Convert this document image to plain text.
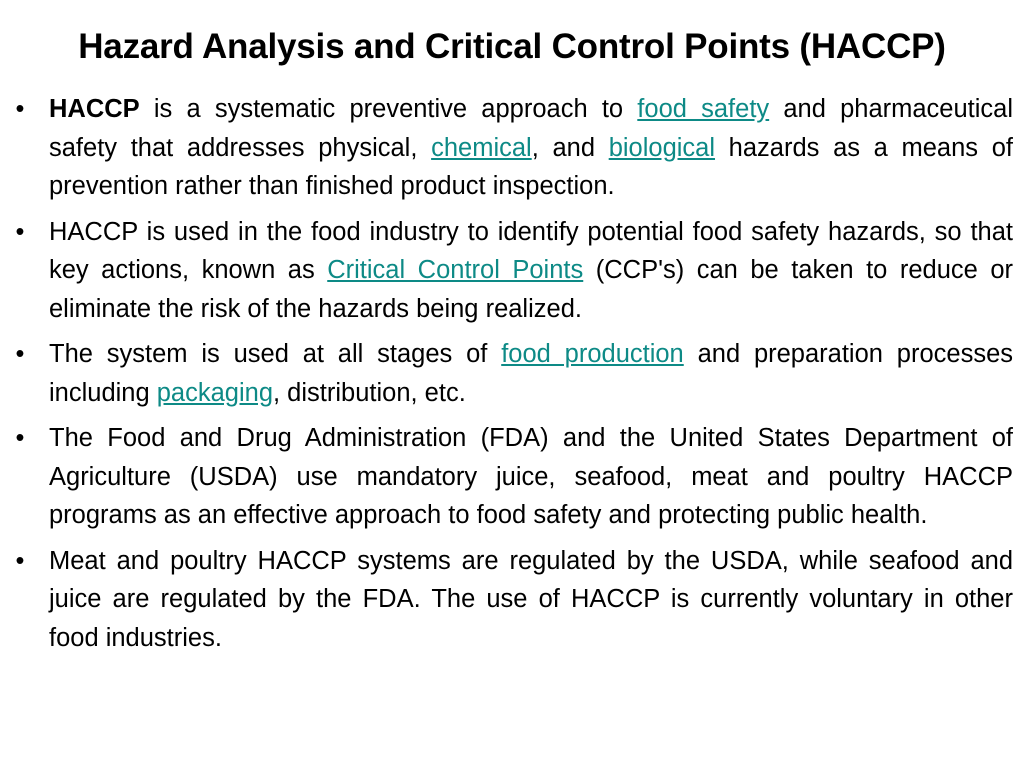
Hazard Analysis and Critical Control Points (HACCP)
• HACCP is a systematic preventive approach to food safety and pharmaceutical safety that addresses physical, chemical, and biological hazards as a means of prevention rather than finished product inspection.
• HACCP is used in the food industry to identify potential food safety hazards, so that key actions, known as Critical Control Points (CCP's) can be taken to reduce or eliminate the risk of the hazards being realized.
• The system is used at all stages of food production and preparation processes including packaging, distribution, etc.
• The Food and Drug Administration (FDA) and the United States Department of Agriculture (USDA) use mandatory juice, seafood, meat and poultry HACCP programs as an effective approach to food safety and protecting public health.
• Meat and poultry HACCP systems are regulated by the USDA, while seafood and juice are regulated by the FDA. The use of HACCP is currently voluntary in other food industries.
